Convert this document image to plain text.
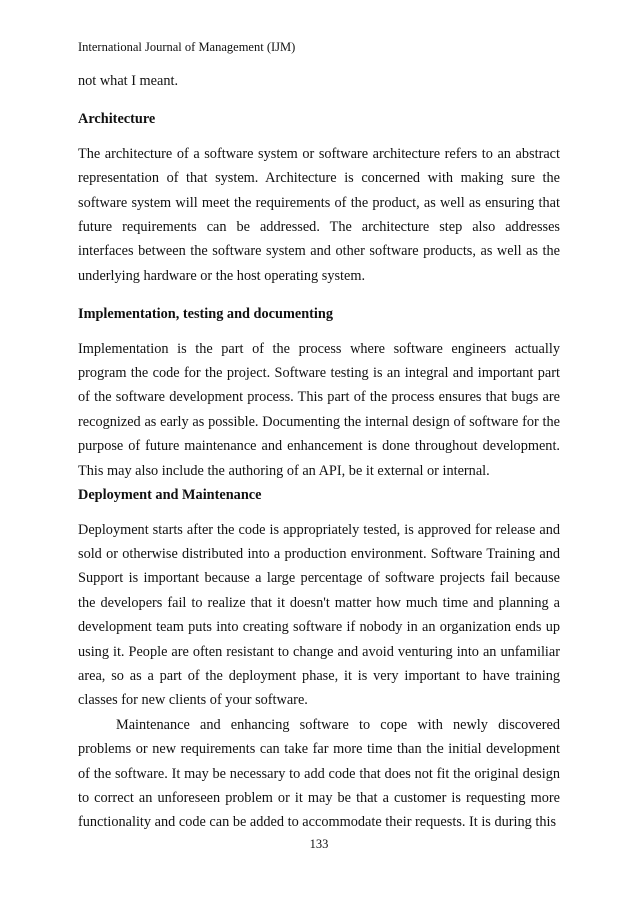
International Journal of Management (IJM)

not what I meant.

Architecture

The architecture of a software system or software architecture refers to an abstract representation of that system. Architecture is concerned with making sure the software system will meet the requirements of the product, as well as ensuring that future requirements can be addressed. The architecture step also addresses interfaces between the software system and other software products, as well as the underlying hardware or the host operating system.

Implementation, testing and documenting

Implementation is the part of the process where software engineers actually program the code for the project. Software testing is an integral and important part of the software development process. This part of the process ensures that bugs are recognized as early as possible. Documenting the internal design of software for the purpose of future maintenance and enhancement is done throughout development. This may also include the authoring of an API, be it external or internal.

Deployment and Maintenance

Deployment starts after the code is appropriately tested, is approved for release and sold or otherwise distributed into a production environment. Software Training and Support is important because a large percentage of software projects fail because the developers fail to realize that it doesn't matter how much time and planning a development team puts into creating software if nobody in an organization ends up using it. People are often resistant to change and avoid venturing into an unfamiliar area, so as a part of the deployment phase, it is very important to have training classes for new clients of your software.

Maintenance and enhancing software to cope with newly discovered problems or new requirements can take far more time than the initial development of the software. It may be necessary to add code that does not fit the original design to correct an unforeseen problem or it may be that a customer is requesting more functionality and code can be added to accommodate their requests. It is during this

133
